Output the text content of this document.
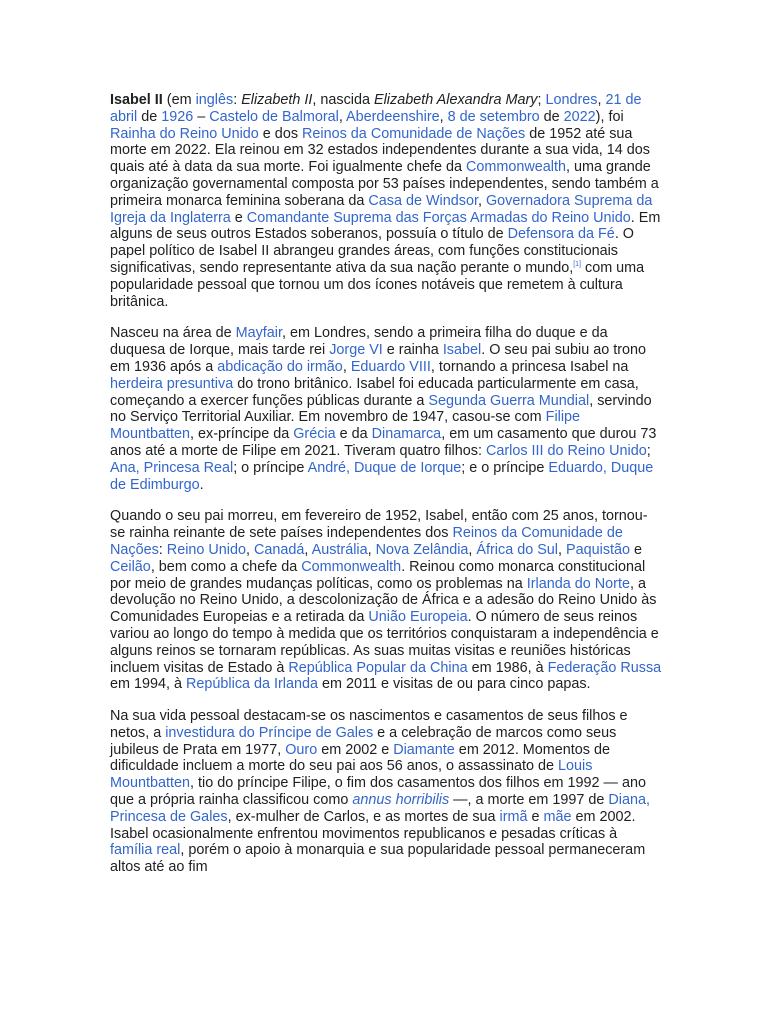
Isabel II (em inglês: Elizabeth II, nascida Elizabeth Alexandra Mary; Londres, 21 de abril de 1926 – Castelo de Balmoral, Aberdeenshire, 8 de setembro de 2022), foi Rainha do Reino Unido e dos Reinos da Comunidade de Nações de 1952 até sua morte em 2022. Ela reinou em 32 estados independentes durante a sua vida, 14 dos quais até à data da sua morte. Foi igualmente chefe da Commonwealth, uma grande organização governamental composta por 53 países independentes, sendo também a primeira monarca feminina soberana da Casa de Windsor, Governadora Suprema da Igreja da Inglaterra e Comandante Suprema das Forças Armadas do Reino Unido. Em alguns de seus outros Estados soberanos, possuía o título de Defensora da Fé. O papel político de Isabel II abrangeu grandes áreas, com funções constitucionais significativas, sendo representante ativa da sua nação perante o mundo,[1] com uma popularidade pessoal que tornou um dos ícones notáveis que remetem à cultura britânica.

Nasceu na área de Mayfair, em Londres, sendo a primeira filha do duque e da duquesa de Iorque, mais tarde rei Jorge VI e rainha Isabel. O seu pai subiu ao trono em 1936 após a abdicação do irmão, Eduardo VIII, tornando a princesa Isabel na herdeira presuntiva do trono britânico. Isabel foi educada particularmente em casa, começando a exercer funções públicas durante a Segunda Guerra Mundial, servindo no Serviço Territorial Auxiliar. Em novembro de 1947, casou-se com Filipe Mountbatten, ex-príncipe da Grécia e da Dinamarca, em um casamento que durou 73 anos até a morte de Filipe em 2021. Tiveram quatro filhos: Carlos III do Reino Unido; Ana, Princesa Real; o príncipe André, Duque de Iorque; e o príncipe Eduardo, Duque de Edimburgo.

Quando o seu pai morreu, em fevereiro de 1952, Isabel, então com 25 anos, tornou-se rainha reinante de sete países independentes dos Reinos da Comunidade de Nações: Reino Unido, Canadá, Austrália, Nova Zelândia, África do Sul, Paquistão e Ceilão, bem como a chefe da Commonwealth. Reinou como monarca constitucional por meio de grandes mudanças políticas, como os problemas na Irlanda do Norte, a devolução no Reino Unido, a descolonização de África e a adesão do Reino Unido às Comunidades Europeias e a retirada da União Europeia. O número de seus reinos variou ao longo do tempo à medida que os territórios conquistaram a independência e alguns reinos se tornaram repúblicas. As suas muitas visitas e reuniões históricas incluem visitas de Estado à República Popular da China em 1986, à Federação Russa em 1994, à República da Irlanda em 2011 e visitas de ou para cinco papas.

Na sua vida pessoal destacam-se os nascimentos e casamentos de seus filhos e netos, a investidura do Príncipe de Gales e a celebração de marcos como seus jubileus de Prata em 1977, Ouro em 2002 e Diamante em 2012. Momentos de dificuldade incluem a morte do seu pai aos 56 anos, o assassinato de Louis Mountbatten, tio do príncipe Filipe, o fim dos casamentos dos filhos em 1992 — ano que a própria rainha classificou como annus horribilis —, a morte em 1997 de Diana, Princesa de Gales, ex-mulher de Carlos, e as mortes de sua irmã e mãe em 2002. Isabel ocasionalmente enfrentou movimentos republicanos e pesadas críticas à família real, porém o apoio à monarquia e sua popularidade pessoal permaneceram altos até ao fim
